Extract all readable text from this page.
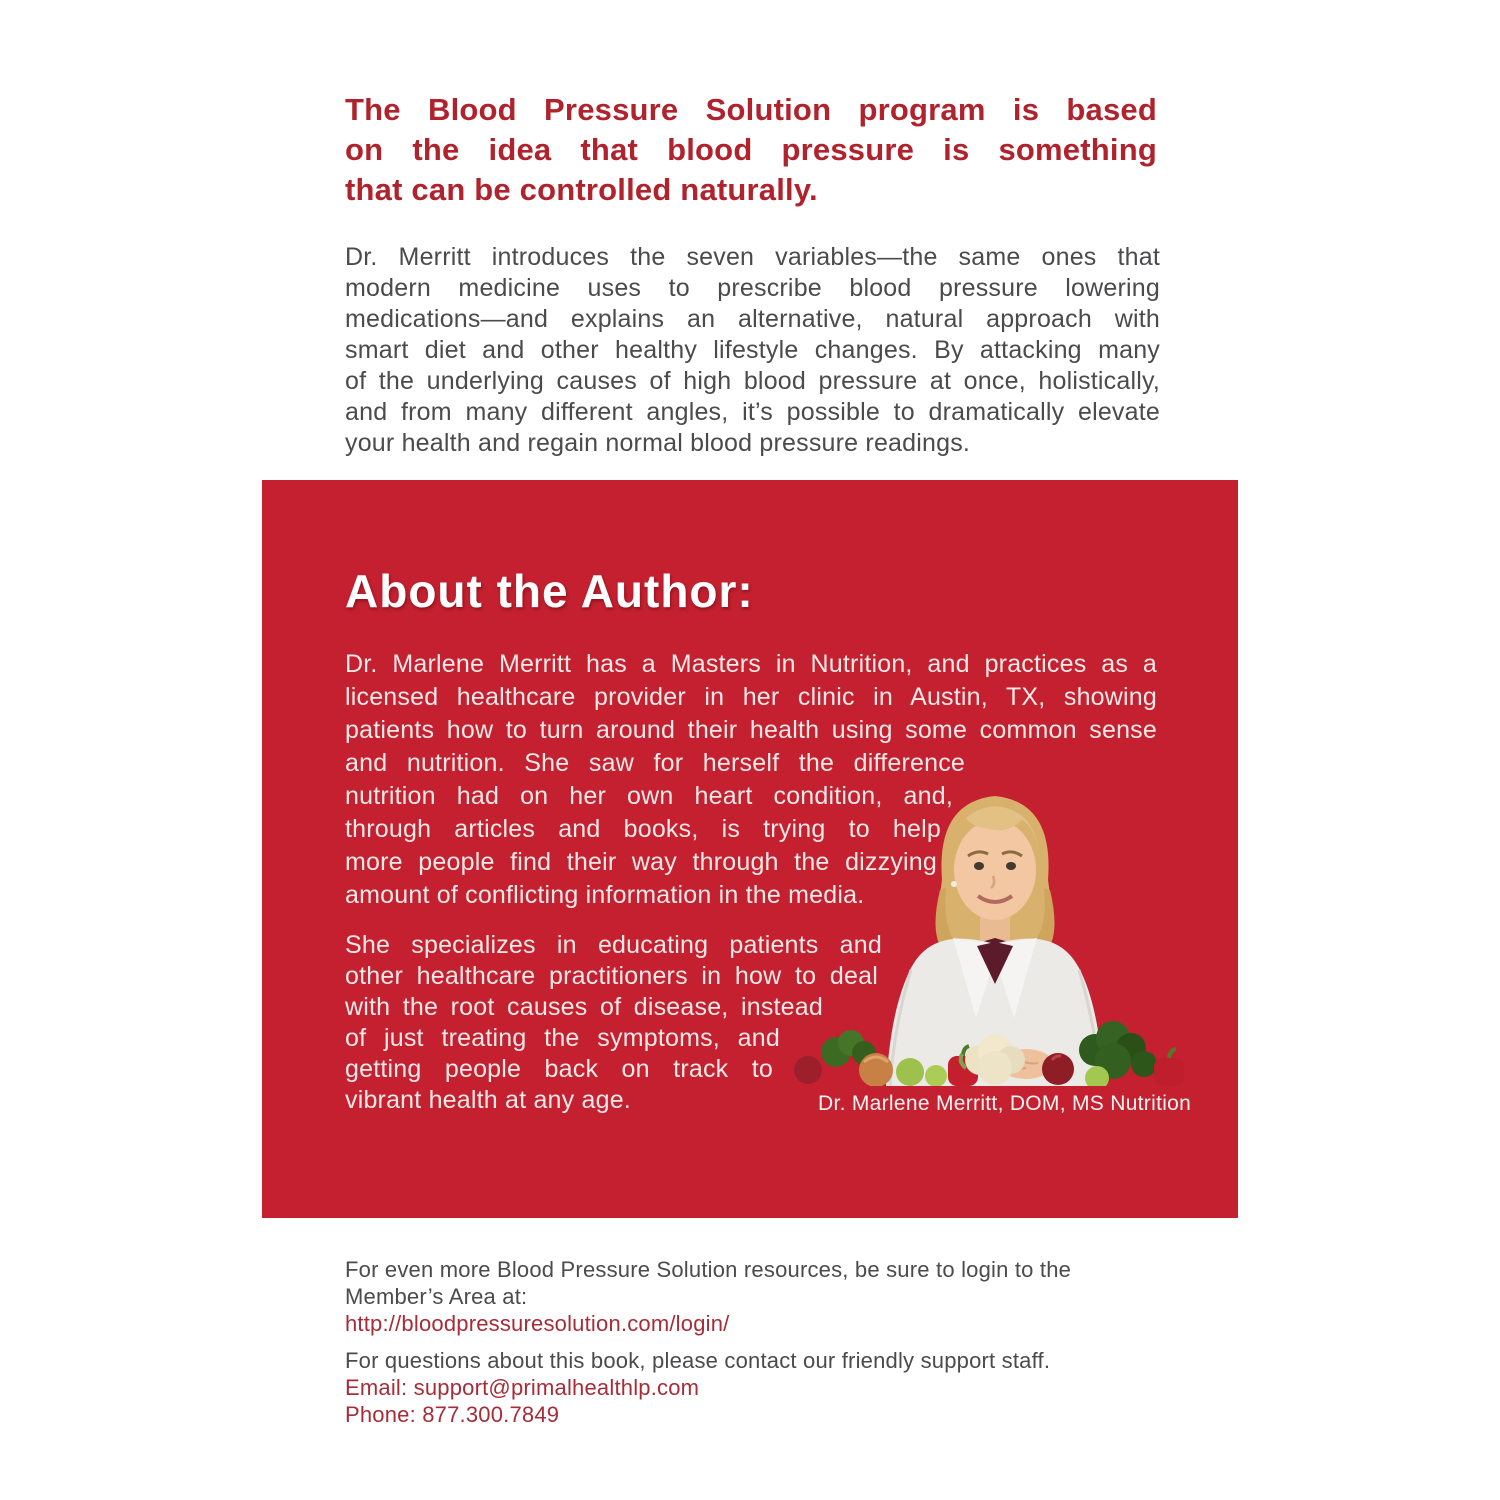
The Blood Pressure Solution program is based
on the idea that blood pressure is something
that can be controlled naturally.
Dr. Merritt introduces the seven variables—the same ones that
modern medicine uses to prescribe blood pressure lowering
medications—and explains an alternative, natural approach with
smart diet and other healthy lifestyle changes. By attacking many
of the underlying causes of high blood pressure at once, holistically,
and from many different angles, it’s possible to dramatically elevate
your health and regain normal blood pressure readings.
About the Author:
Dr. Marlene Merritt has a Masters in Nutrition, and practices as a
licensed healthcare provider in her clinic in Austin, TX, showing
patients how to turn around their health using some common sense
and nutrition. She saw for herself the difference
nutrition had on her own heart condition, and,
through articles and books, is trying to help
more people find their way through the dizzying
amount of conflicting information in the media.
She specializes in educating patients and
other healthcare practitioners in how to deal
with the root causes of disease, instead
of just treating the symptoms, and
getting people back on track to
vibrant health at any age.	Dr. Marlene Merritt, DOM, MS Nutrition
For even more Blood Pressure Solution resources, be sure to login to the
Member’s Area at:
http://bloodpressuresolution.com/login/
For questions about this book, please contact our friendly support staff.
Email: support@primalhealthlp.com
Phone: 877.300.7849
